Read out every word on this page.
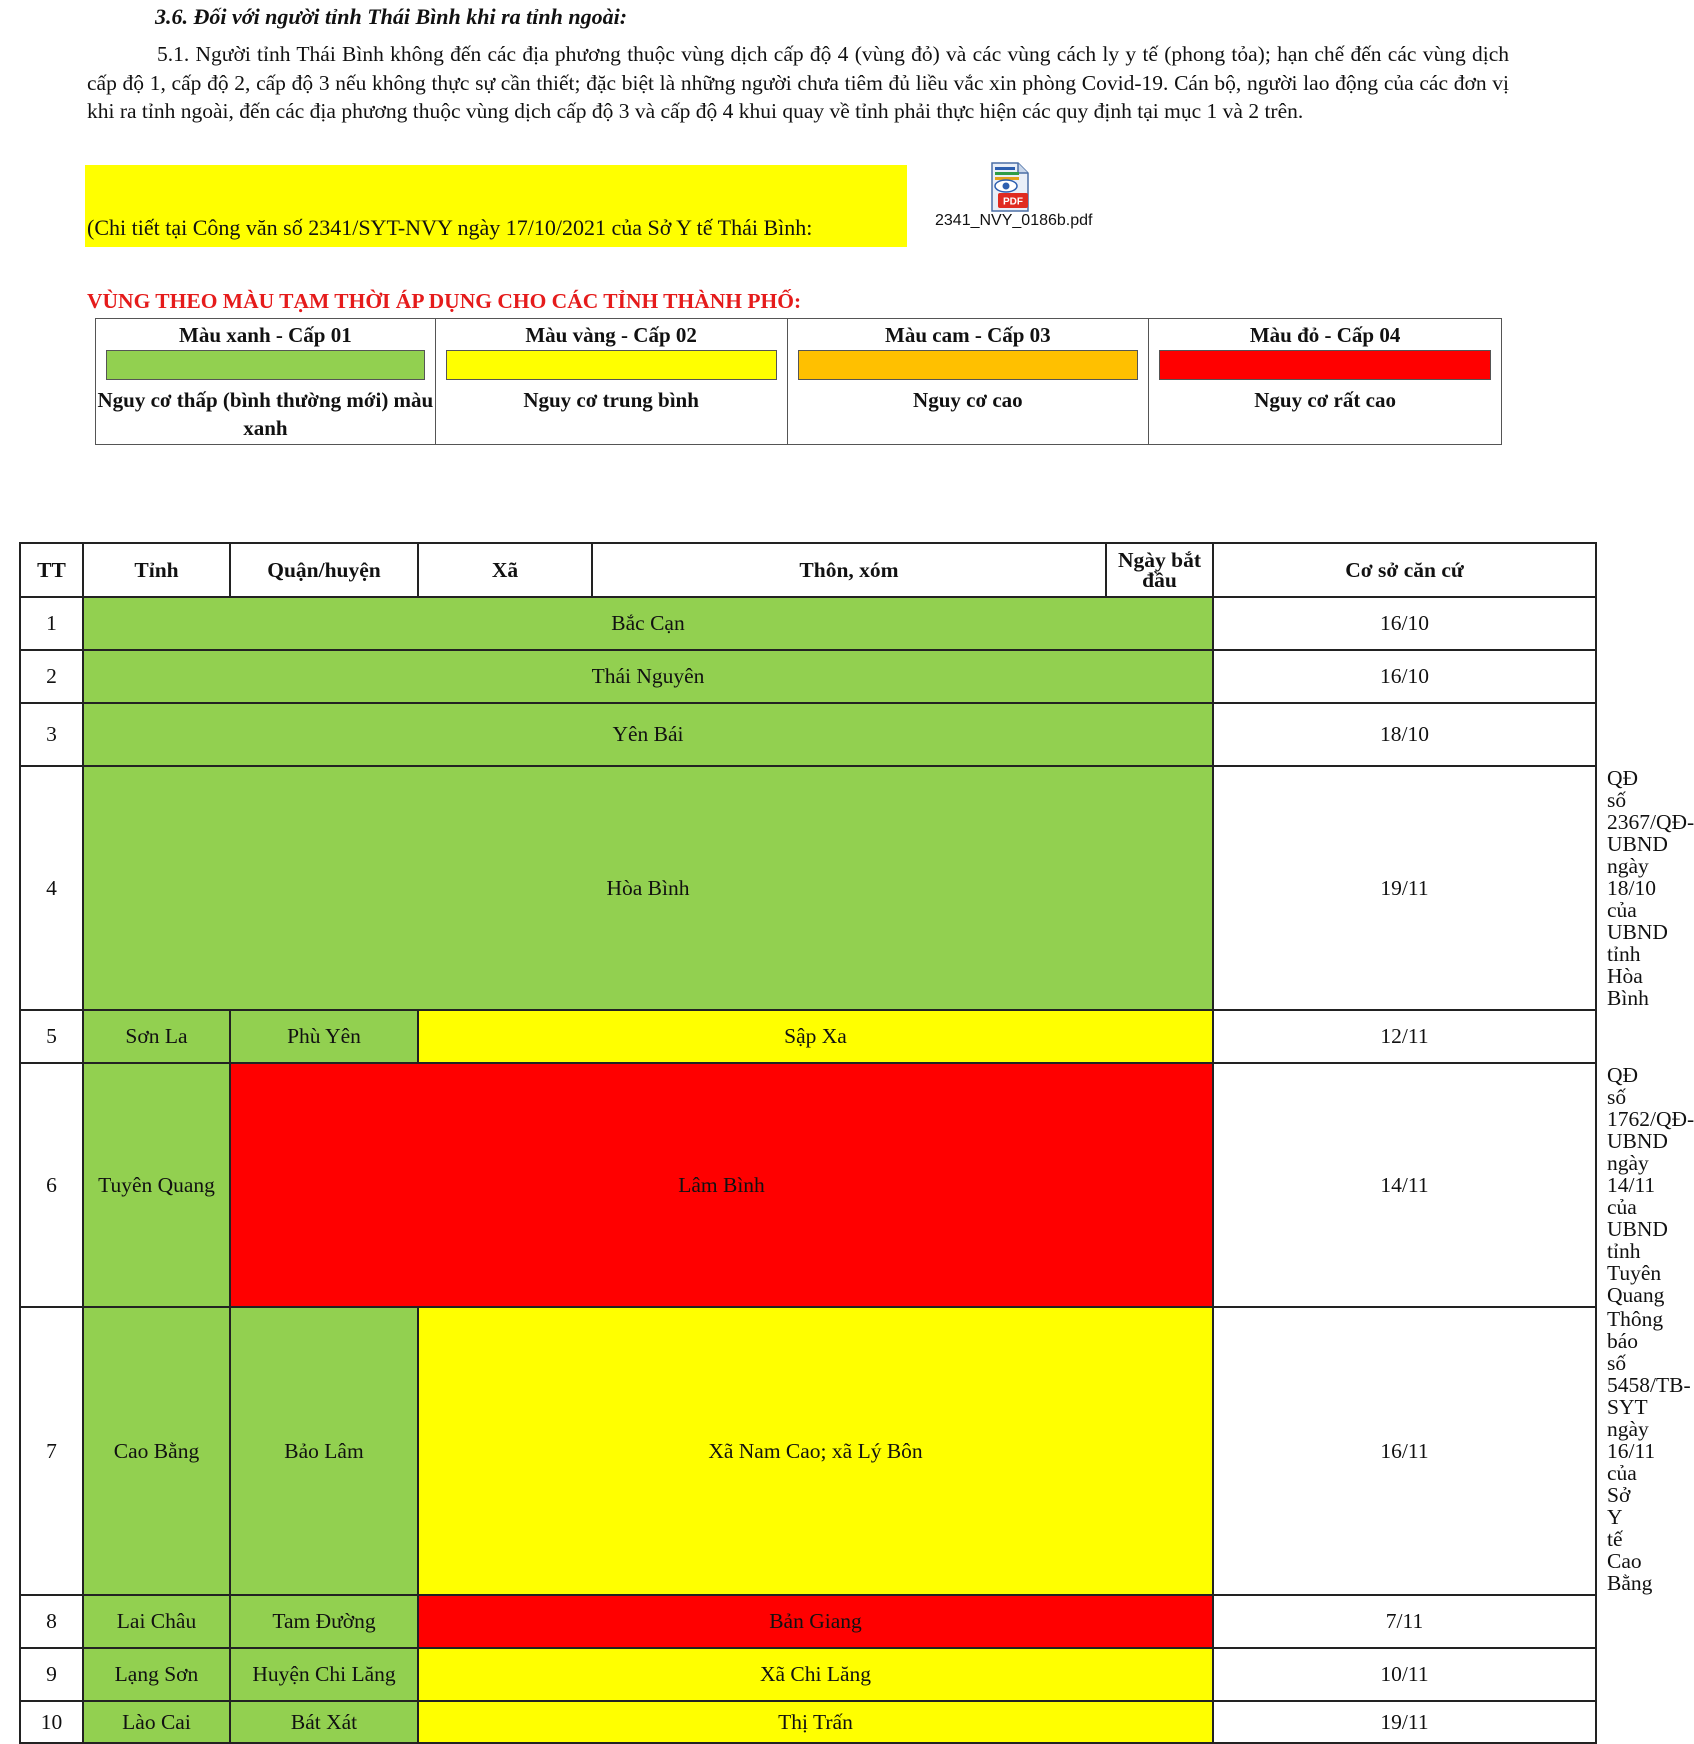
3.6. Đối với người tỉnh Thái Bình khi ra tỉnh ngoài:
5.1. Người tỉnh Thái Bình không đến các địa phương thuộc vùng dịch cấp độ 4 (vùng đỏ) và các vùng cách ly y tế (phong tỏa); hạn chế đến các vùng dịch cấp độ 1, cấp độ 2, cấp độ 3 nếu không thực sự cần thiết; đặc biệt là những người chưa tiêm đủ liều vắc xin phòng Covid-19. Cán bộ, người lao động của các đơn vị khi ra tỉnh ngoài, đến các địa phương thuộc vùng dịch cấp độ 3 và cấp độ 4 khui quay về tỉnh phải thực hiện các quy định tại mục 1 và 2 trên.
(Chi tiết tại Công văn số 2341/SYT-NVY ngày 17/10/2021 của Sở Y tế Thái Bình:
PDF
2341_NVY_0186b.pdf
VÙNG THEO MÀU TẠM THỜI ÁP DỤNG CHO CÁC TỈNH THÀNH PHỐ:
Màu xanh - Cấp 01
Nguy cơ thấp (bình thường mới) màu xanh

Màu vàng - Cấp 02
Nguy cơ trung bình

Màu cam - Cấp 03
Nguy cơ cao

Màu đỏ - Cấp 04
Nguy cơ rất cao
TT	Tỉnh	Quận/huyện	Xã	Thôn, xóm	Ngày bắt đầu	Cơ sở căn cứ	
1	Bắc Cạn					16/10	
2	Thái Nguyên					16/10	
3	Yên Bái					18/10	
4	Hòa Bình					19/11	QĐ số 2367/QĐ-UBND ngày 18/10 của UBND tỉnh Hòa Bình
5	Sơn La	Phù Yên	Sập Xa			12/11	
6	Tuyên Quang	Lâm Bình				14/11	QĐ số 1762/QĐ-UBND ngày 14/11 của UBND tỉnh Tuyên Quang
7	Cao Bằng	Bảo Lâm	Xã Nam Cao; xã Lý Bôn			16/11	Thông báo số 5458/TB-SYT ngày 16/11 của Sở Y tế Cao Bằng
8	Lai Châu	Tam Đường	Bản Giang			7/11	
9	Lạng Sơn	Huyện Chi Lăng	Xã Chi Lăng			10/11	
10	Lào Cai	Bát Xát	Thị Trấn			19/11	
